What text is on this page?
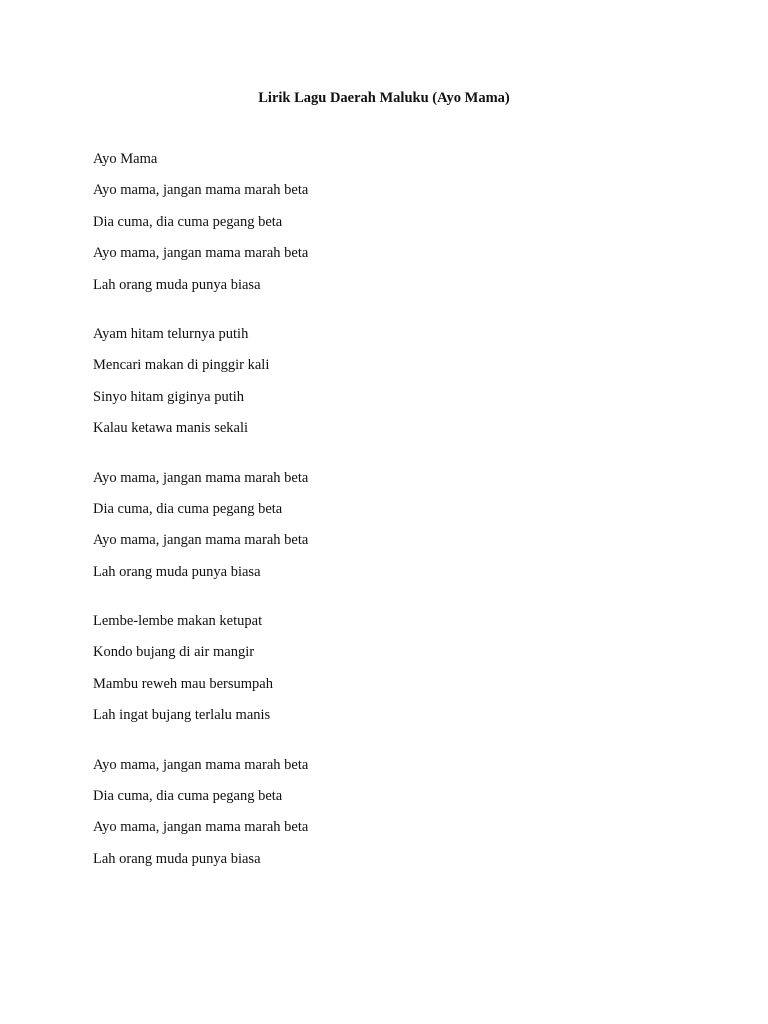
Lirik Lagu Daerah Maluku (Ayo Mama)
Ayo Mama
Ayo mama, jangan mama marah beta
Dia cuma, dia cuma pegang beta
Ayo mama, jangan mama marah beta
Lah orang muda punya biasa
Ayam hitam telurnya putih
Mencari makan di pinggir kali
Sinyo hitam giginya putih
Kalau ketawa manis sekali
Ayo mama, jangan mama marah beta
Dia cuma, dia cuma pegang beta
Ayo mama, jangan mama marah beta
Lah orang muda punya biasa
Lembe-lembe makan ketupat
Kondo bujang di air mangir
Mambu reweh mau bersumpah
Lah ingat bujang terlalu manis
Ayo mama, jangan mama marah beta
Dia cuma, dia cuma pegang beta
Ayo mama, jangan mama marah beta
Lah orang muda punya biasa
